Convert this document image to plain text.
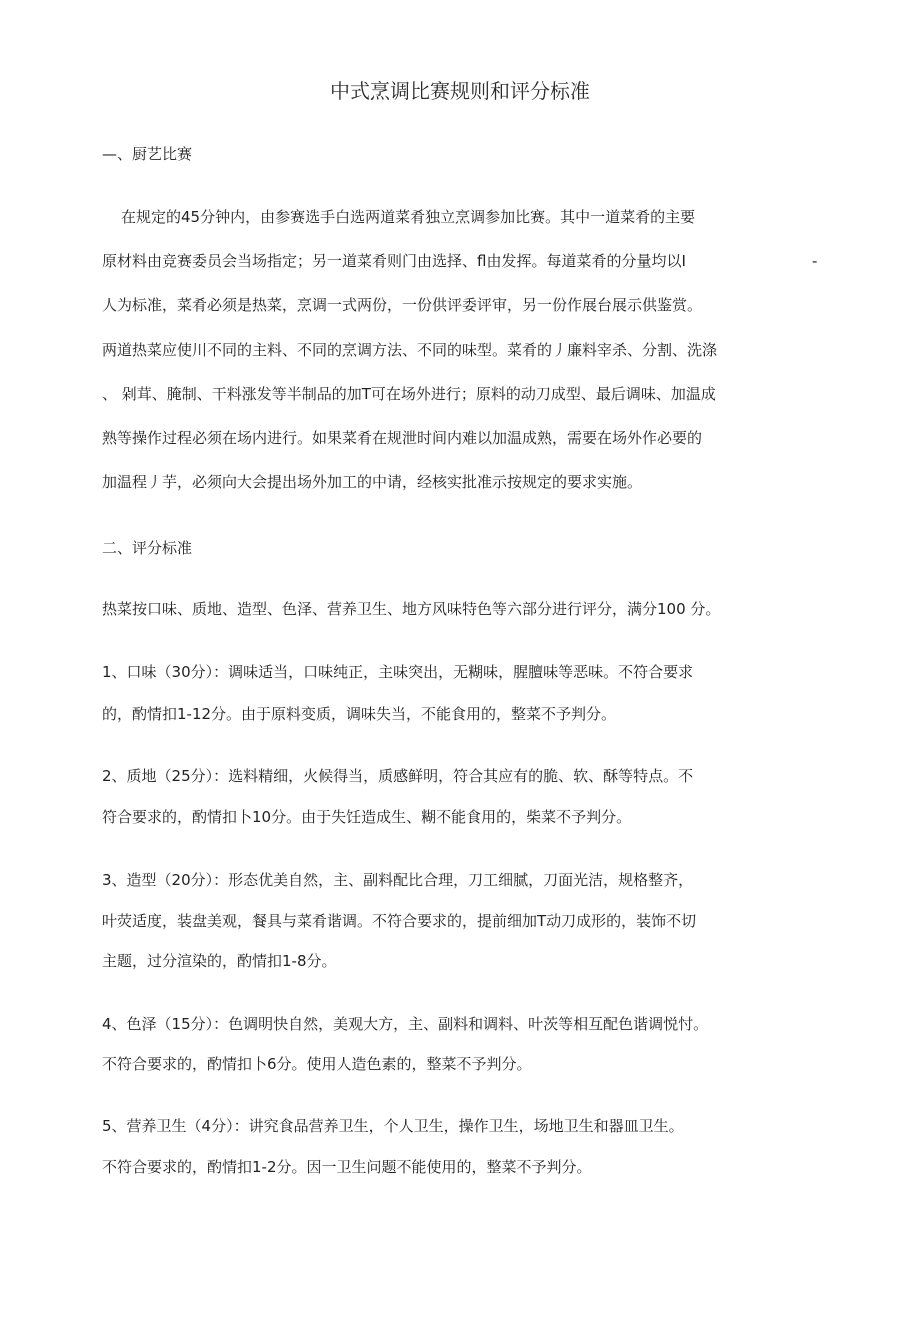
中式烹调比赛规则和评分标准
—、厨艺比赛
在规定的45分钟内，由参赛选手白选两道菜肴独立烹调参加比赛。其中一道菜肴的主要
原材料由竞赛委员会当场指定；另一道菜肴则门由选择、fl由发挥。每道菜肴的分量均以I	-
人为标准，菜肴必须是热菜，烹调一式两份，一份供评委评审，另一份作展台展示供鉴赏。
两道热菜应使川不同的主料、不同的烹调方法、不同的味型。菜肴的丿廉料宰杀、分割、洗涤
、 剁茸、腌制、干料涨发等半制品的加T可在场外进行；原料的动刀成型、最后调味、加温成
熟等操作过程必须在场内进行。如果菜肴在规泄时间内难以加温成熟，需要在场外作必要的
加温程丿芋，必须向大会提出场外加工的中请，经核实批准示按规定的要求实施。
二、评分标准
热菜按口味、质地、造型、色泽、营养卫生、地方风味特色等六部分进行评分，满分100 分。
1、口味（30分）：调味适当，口味纯正，主味突出，无糊味，腥膻味等恶味。不符合要求
的，酌情扣1-12分。由于原料变质，调味失当，不能食用的，整菜不予判分。
2、质地（25分）：选料精细，火候得当，质感鲜明，符合其应有的脆、软、酥等特点。不
符合要求的，酌情扣卜10分。由于失饪造成生、糊不能食用的，柴菜不予判分。
3、造型（20分）：形态优美自然，主、副料配比合理，刀工细腻，刀面光洁，规格整齐，
叶荧适度，装盘美观，餐具与菜肴谐调。不符合要求的，提前细加T动刀成形的，装饰不切
主题，过分渲染的，酌情扣1-8分。
4、色泽（15分）：色调明快自然，美观大方，主、副料和调料、叶茨等相互配色谐调悦忖。
不符合要求的，酌情扣卜6分。使用人造色素的，整菜不予判分。
5、营养卫生（4分）：讲究食品营养卫生，个人卫生，操作卫生，场地卫生和器皿卫生。
不符合要求的，酌情扣1-2分。因一卫生问题不能使用的，整菜不予判分。
